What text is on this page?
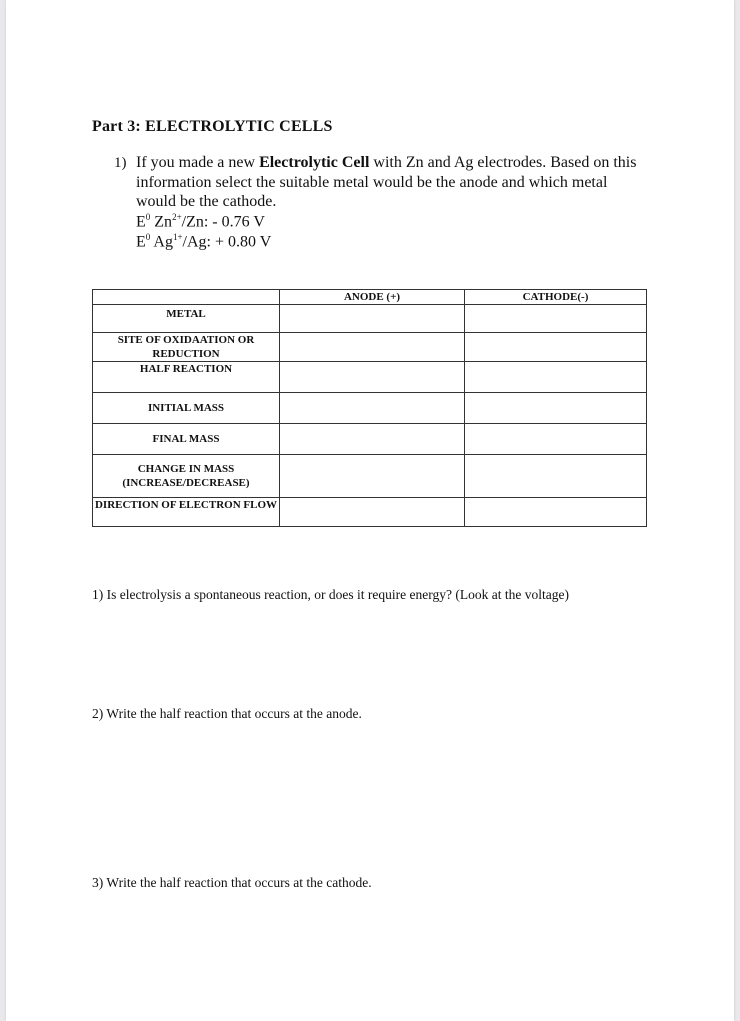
Part 3: ELECTROLYTIC CELLS
1) If you made a new Electrolytic Cell with Zn and Ag electrodes. Based on this information select the suitable metal would be the anode and which metal would be the cathode.
$E^0$ $Zn^{2+}/Zn$: - 0.76 V
$E^0$ $Ag^{1+}/Ag$: + 0.80 V
	ANODE (+)	CATHODE(-)
METAL		
SITE OF OXIDAATION OR REDUCTION		
HALF REACTION		
INITIAL MASS		
FINAL MASS		
CHANGE IN MASS (INCREASE/DECREASE)		
DIRECTION OF ELECTRON FLOW		
1) Is electrolysis a spontaneous reaction, or does it require energy? (Look at the voltage)
2) Write the half reaction that occurs at the anode.
3) Write the half reaction that occurs at the cathode.
